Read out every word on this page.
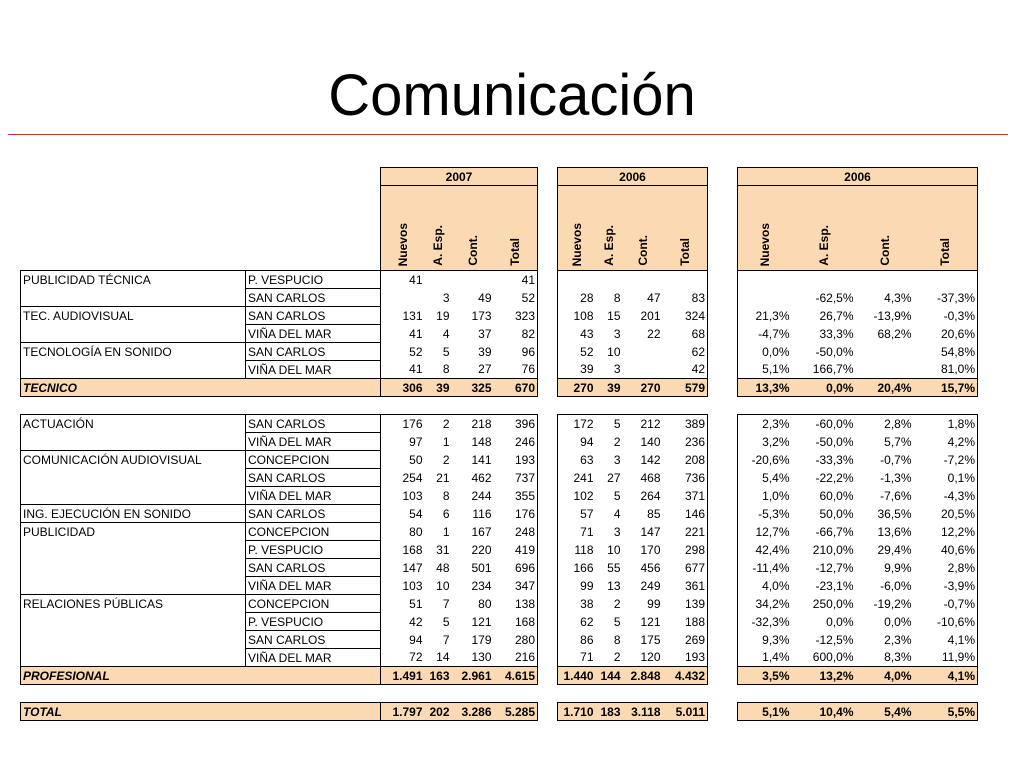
Comunicación
		2007					2006					2006			
		Nuevos	A. Esp.	Cont.	Total		Nuevos	A. Esp.	Cont.	Total		Nuevos	A. Esp.	Cont.	Total
PUBLICIDAD TÉCNICA	P. VESPUCIO	41			41										
	SAN CARLOS		3	49	52		28	8	47	83			-62,5%	4,3%	-37,3%
TEC. AUDIOVISUAL	SAN CARLOS	131	19	173	323		108	15	201	324		21,3%	26,7%	-13,9%	-0,3%
	VIÑA DEL MAR	41	4	37	82		43	3	22	68		-4,7%	33,3%	68,2%	20,6%
TECNOLOGÍA EN SONIDO	SAN CARLOS	52	5	39	96		52	10		62		0,0%	-50,0%		54,8%
	VIÑA DEL MAR	41	8	27	76		39	3		42		5,1%	166,7%		81,0%
TECNICO		306	39	325	670		270	39	270	579		13,3%	0,0%	20,4%	15,7%

ACTUACIÓN	SAN CARLOS	176	2	218	396		172	5	212	389		2,3%	-60,0%	2,8%	1,8%
	VIÑA DEL MAR	97	1	148	246		94	2	140	236		3,2%	-50,0%	5,7%	4,2%
COMUNICACIÓN AUDIOVISUAL	CONCEPCION	50	2	141	193		63	3	142	208		-20,6%	-33,3%	-0,7%	-7,2%
	SAN CARLOS	254	21	462	737		241	27	468	736		5,4%	-22,2%	-1,3%	0,1%
	VIÑA DEL MAR	103	8	244	355		102	5	264	371		1,0%	60,0%	-7,6%	-4,3%
ING. EJECUCIÓN EN SONIDO	SAN CARLOS	54	6	116	176		57	4	85	146		-5,3%	50,0%	36,5%	20,5%
PUBLICIDAD	CONCEPCION	80	1	167	248		71	3	147	221		12,7%	-66,7%	13,6%	12,2%
	P. VESPUCIO	168	31	220	419		118	10	170	298		42,4%	210,0%	29,4%	40,6%
	SAN CARLOS	147	48	501	696		166	55	456	677		-11,4%	-12,7%	9,9%	2,8%
	VIÑA DEL MAR	103	10	234	347		99	13	249	361		4,0%	-23,1%	-6,0%	-3,9%
RELACIONES PÚBLICAS	CONCEPCION	51	7	80	138		38	2	99	139		34,2%	250,0%	-19,2%	-0,7%
	P. VESPUCIO	42	5	121	168		62	5	121	188		-32,3%	0,0%	0,0%	-10,6%
	SAN CARLOS	94	7	179	280		86	8	175	269		9,3%	-12,5%	2,3%	4,1%
	VIÑA DEL MAR	72	14	130	216		71	2	120	193		1,4%	600,0%	8,3%	11,9%
PROFESIONAL		1.491	163	2.961	4.615		1.440	144	2.848	4.432		3,5%	13,2%	4,0%	4,1%

TOTAL		1.797	202	3.286	5.285		1.710	183	3.118	5.011		5,1%	10,4%	5,4%	5,5%
